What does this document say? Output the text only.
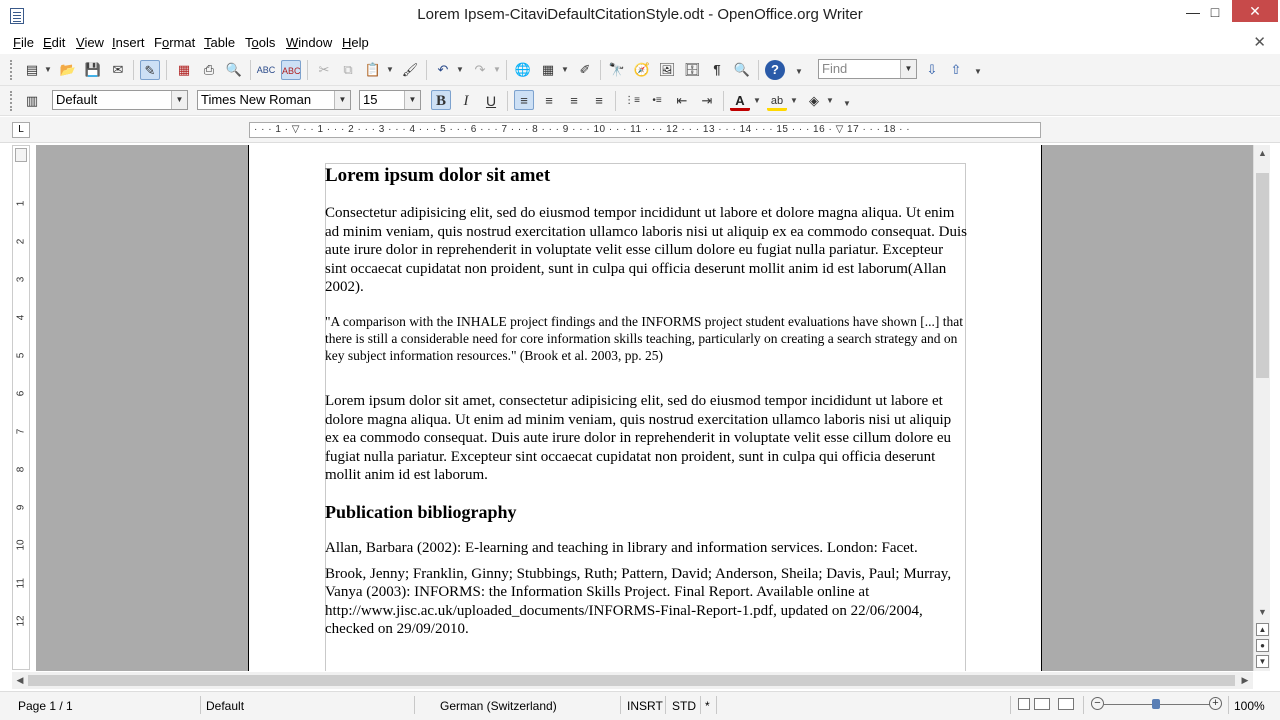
Lorem Ipsem-CitaviDefaultCitationStyle.odt - OpenOffice.org Writer	— □	✕
File Edit View Insert Format Table Tools Window Help	✕
▤ ▼ 📂 💾 ✉	✎	▦	⎙ 🔍 ABC ABC	✂	⧉ 📋 ▼ 🖌	↶ ▼ ↷ ▼ 🌐 ▦ ▼ ✐	🔭 🧭 🖼 🗄	¶	🔍	?	▼	Find	▼	⇩	⇧	▼
▥	Default	▼	Times New Roman	▼	15	▼	B	I	U	≡	≡	≡	≡	⋮≡	•≡	⇤	⇥	A	▼ ab ▼ ◈ ▼ ▼
L	· · · 1 · ▽ · · 1 · · · 2 · · · 3 · · · 4 · · · 5 · · · 6 · · · 7 · · · 8 · · · 9 · · · 10 · · · 11 · · · 12 · · · 13 · · · 14 · · · 15 · · · 16 · ▽ 17 · · · 18 · ·
1
2
3
4
5
6
7
8
9
10
11
12
Lorem ipsum dolor sit amet
Consectetur adipisicing elit, sed do eiusmod tempor incididunt ut labore et dolore magna aliqua. Ut enim ad minim veniam, quis nostrud exercitation ullamco laboris nisi ut aliquip ex ea commodo consequat. Duis aute irure dolor in reprehenderit in voluptate velit esse cillum dolore eu fugiat nulla pariatur. Excepteur sint occaecat cupidatat non proident, sunt in culpa qui officia deserunt mollit anim id est laborum(Allan 2002).
"A comparison with the INHALE project findings and the INFORMS project student evaluations have shown [...] that there is still a considerable need for core information skills teaching, particularly on creating a search strategy and on key subject information resources." (Brook et al. 2003, pp. 25)
Lorem ipsum dolor sit amet, consectetur adipisicing elit, sed do eiusmod tempor incididunt ut labore et dolore magna aliqua. Ut enim ad minim veniam, quis nostrud exercitation ullamco laboris nisi ut aliquip ex ea commodo consequat. Duis aute irure dolor in reprehenderit in voluptate velit esse cillum dolore eu fugiat nulla pariatur. Excepteur sint occaecat cupidatat non proident, sunt in culpa qui officia deserunt mollit anim id est laborum.
Publication bibliography
Allan, Barbara (2002): E-learning and teaching in library and information services. London: Facet.
Brook, Jenny; Franklin, Ginny; Stubbings, Ruth; Pattern, David; Anderson, Sheila; Davis, Paul; Murray, Vanya (2003): INFORMS: the Information Skills Project. Final Report. Available online at http://www.jisc.ac.uk/uploaded_documents/INFORMS-Final-Report-1.pdf, updated on 22/06/2004, checked on 29/09/2010.
▲
▼
▲
●
▼
◀	▶
Page 1 / 1	Default	German (Switzerland)	INSRT STD *	−	+ 100%
